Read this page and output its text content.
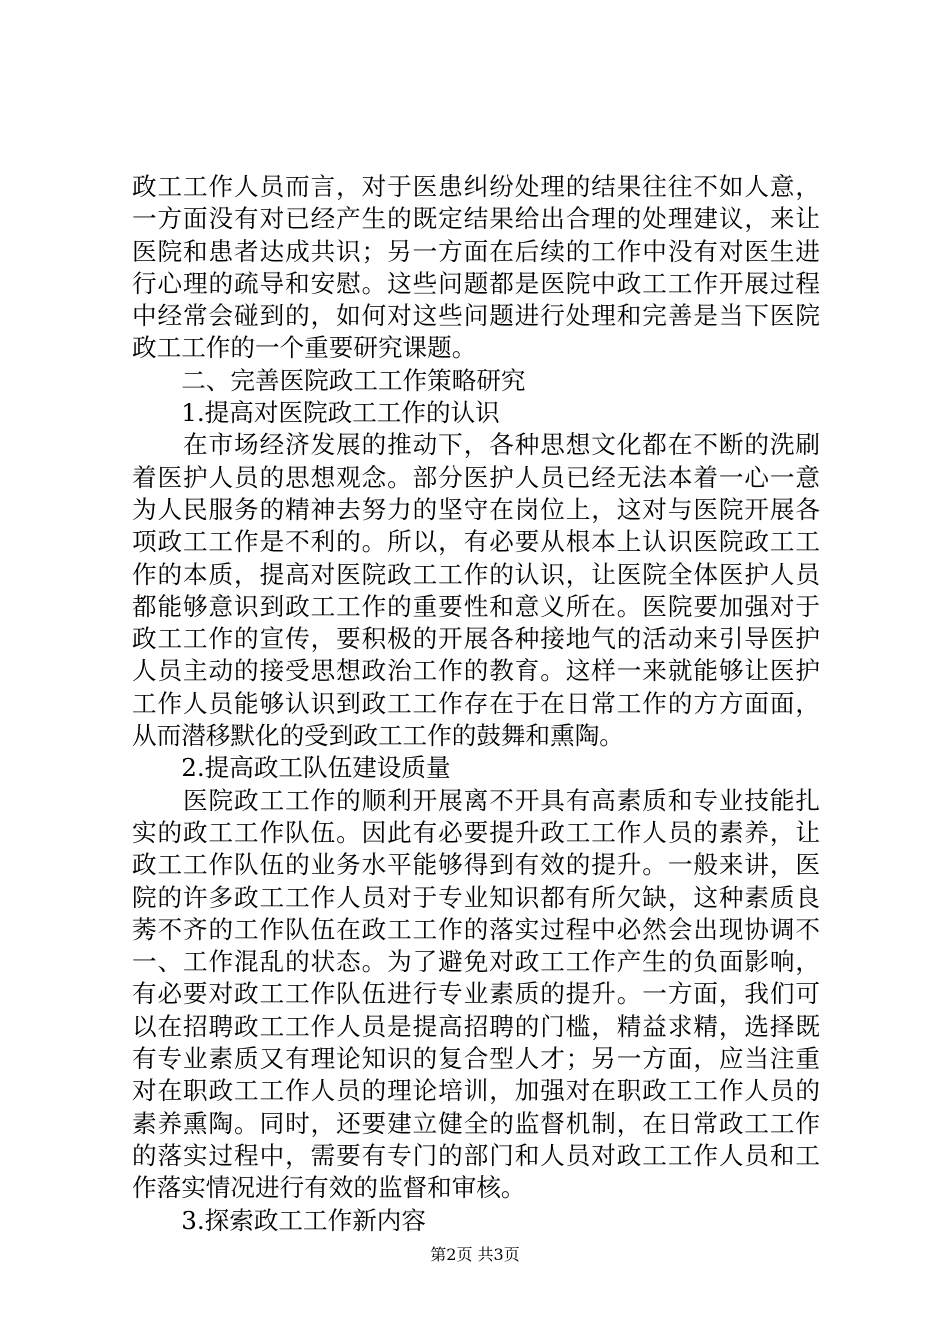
政工工作人员而言，对于医患纠纷处理的结果往往不如人意，
一方面没有对已经产生的既定结果给出合理的处理建议，来让
医院和患者达成共识；另一方面在后续的工作中没有对医生进
行心理的疏导和安慰。这些问题都是医院中政工工作开展过程
中经常会碰到的，如何对这些问题进行处理和完善是当下医院
政工工作的一个重要研究课题。
　　二、完善医院政工工作策略研究
　　1.提高对医院政工工作的认识
　　在市场经济发展的推动下，各种思想文化都在不断的洗刷
着医护人员的思想观念。部分医护人员已经无法本着一心一意
为人民服务的精神去努力的坚守在岗位上，这对与医院开展各
项政工工作是不利的。所以，有必要从根本上认识医院政工工
作的本质，提高对医院政工工作的认识，让医院全体医护人员
都能够意识到政工工作的重要性和意义所在。医院要加强对于
政工工作的宣传，要积极的开展各种接地气的活动来引导医护
人员主动的接受思想政治工作的教育。这样一来就能够让医护
工作人员能够认识到政工工作存在于在日常工作的方方面面，
从而潜移默化的受到政工工作的鼓舞和熏陶。
　　2.提高政工队伍建设质量
　　医院政工工作的顺利开展离不开具有高素质和专业技能扎
实的政工工作队伍。因此有必要提升政工工作人员的素养，让
政工工作队伍的业务水平能够得到有效的提升。一般来讲，医
院的许多政工工作人员对于专业知识都有所欠缺，这种素质良
莠不齐的工作队伍在政工工作的落实过程中必然会出现协调不
一、工作混乱的状态。为了避免对政工工作产生的负面影响，
有必要对政工工作队伍进行专业素质的提升。一方面，我们可
以在招聘政工工作人员是提高招聘的门槛，精益求精，选择既
有专业素质又有理论知识的复合型人才；另一方面，应当注重
对在职政工工作人员的理论培训，加强对在职政工工作人员的
素养熏陶。同时，还要建立健全的监督机制，在日常政工工作
的落实过程中，需要有专门的部门和人员对政工工作人员和工
作落实情况进行有效的监督和审核。
　　3.探索政工工作新内容
第2页 共3页
